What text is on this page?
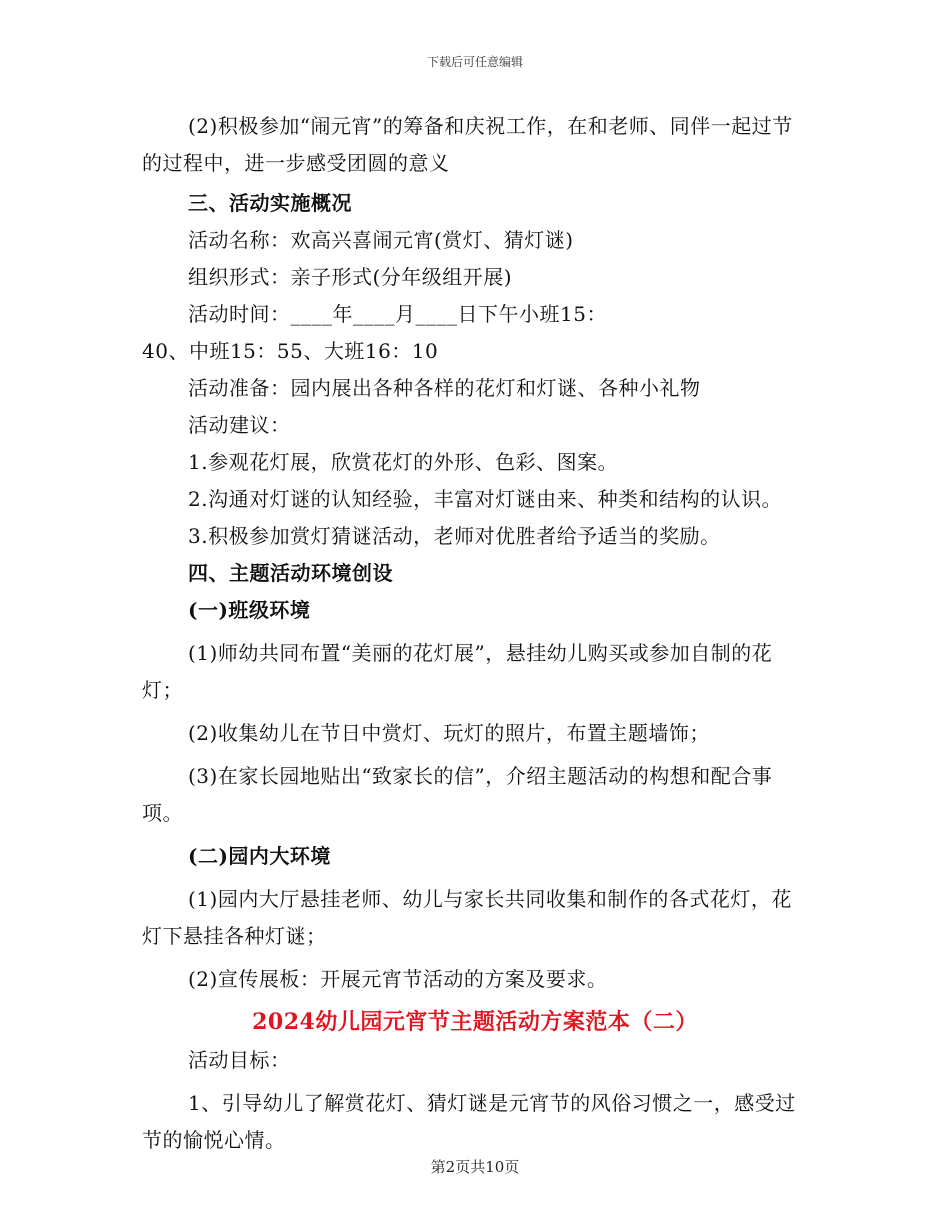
下载后可任意编辑

(2)积极参加“闹元宵”的筹备和庆祝工作，在和老师、同伴一起过节的过程中，进一步感受团圆的意义

三、活动实施概况

活动名称：欢高兴喜闹元宵(赏灯、猜灯谜)

组织形式：亲子形式(分年级组开展)

活动时间：____年____月____日下午小班15：

40、中班15：55、大班16：10

活动准备：园内展出各种各样的花灯和灯谜、各种小礼物

活动建议：

1.参观花灯展，欣赏花灯的外形、色彩、图案。

2.沟通对灯谜的认知经验，丰富对灯谜由来、种类和结构的认识。

3.积极参加赏灯猜谜活动，老师对优胜者给予适当的奖励。

四、主题活动环境创设

(一)班级环境

(1)师幼共同布置“美丽的花灯展”，悬挂幼儿购买或参加自制的花灯；

(2)收集幼儿在节日中赏灯、玩灯的照片，布置主题墙饰；

(3)在家长园地贴出“致家长的信”，介绍主题活动的构想和配合事项。

(二)园内大环境

(1)园内大厅悬挂老师、幼儿与家长共同收集和制作的各式花灯，花灯下悬挂各种灯谜；

(2)宣传展板：开展元宵节活动的方案及要求。

2024幼儿园元宵节主题活动方案范本（二）

活动目标：

1、引导幼儿了解赏花灯、猜灯谜是元宵节的风俗习惯之一，感受过节的愉悦心情。

第2页共10页
